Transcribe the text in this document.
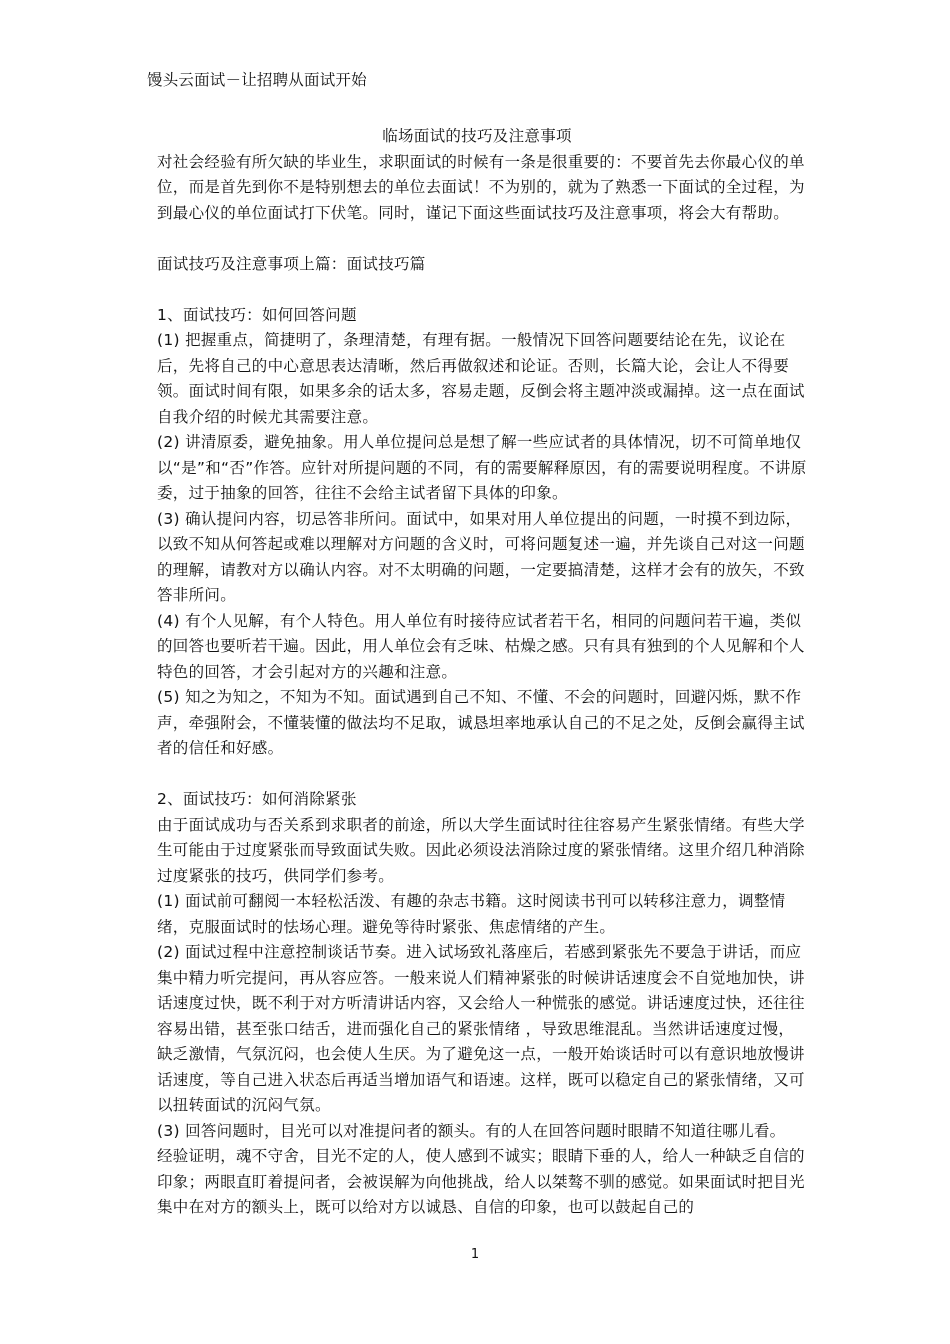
馒头云面试－让招聘从面试开始
临场面试的技巧及注意事项
对社会经验有所欠缺的毕业生，求职面试的时候有一条是很重要的：不要首先去你最心仪的单位，而是首先到你不是特别想去的单位去面试！不为别的，就为了熟悉一下面试的全过程，为到最心仪的单位面试打下伏笔。同时，谨记下面这些面试技巧及注意事项，将会大有帮助。
面试技巧及注意事项上篇：面试技巧篇
1、面试技巧：如何回答问题
(1) 把握重点，简捷明了，条理清楚，有理有据。一般情况下回答问题要结论在先，议论在后，先将自己的中心意思表达清晰，然后再做叙述和论证。否则，长篇大论，会让人不得要领。面试时间有限，如果多余的话太多，容易走题，反倒会将主题冲淡或漏掉。这一点在面试自我介绍的时候尤其需要注意。
(2) 讲清原委，避免抽象。用人单位提问总是想了解一些应试者的具体情况，切不可简单地仅以“是”和“否”作答。应针对所提问题的不同，有的需要解释原因，有的需要说明程度。不讲原委，过于抽象的回答，往往不会给主试者留下具体的印象。
(3) 确认提问内容，切忌答非所问。面试中，如果对用人单位提出的问题，一时摸不到边际，以致不知从何答起或难以理解对方问题的含义时，可将问题复述一遍，并先谈自己对这一问题的理解，请教对方以确认内容。对不太明确的问题，一定要搞清楚，这样才会有的放矢，不致答非所问。
(4) 有个人见解，有个人特色。用人单位有时接待应试者若干名，相同的问题问若干遍，类似的回答也要听若干遍。因此，用人单位会有乏味、枯燥之感。只有具有独到的个人见解和个人特色的回答，才会引起对方的兴趣和注意。
(5) 知之为知之，不知为不知。面试遇到自己不知、不懂、不会的问题时，回避闪烁，默不作声，牵强附会，不懂装懂的做法均不足取，诚恳坦率地承认自己的不足之处，反倒会赢得主试者的信任和好感。
2、面试技巧：如何消除紧张
由于面试成功与否关系到求职者的前途，所以大学生面试时往往容易产生紧张情绪。有些大学生可能由于过度紧张而导致面试失败。因此必须设法消除过度的紧张情绪。这里介绍几种消除过度紧张的技巧，供同学们参考。
(1) 面试前可翻阅一本轻松活泼、有趣的杂志书籍。这时阅读书刊可以转移注意力，调整情绪，克服面试时的怯场心理。避免等待时紧张、焦虑情绪的产生。
(2) 面试过程中注意控制谈话节奏。进入试场致礼落座后，若感到紧张先不要急于讲话，而应集中精力听完提问，再从容应答。一般来说人们精神紧张的时候讲话速度会不自觉地加快，讲话速度过快，既不利于对方听清讲话内容，又会给人一种慌张的感觉。讲话速度过快，还往往容易出错，甚至张口结舌，进而强化自己的紧张情绪 ，导致思维混乱。当然讲话速度过慢，缺乏激情，气氛沉闷，也会使人生厌。为了避免这一点，一般开始谈话时可以有意识地放慢讲话速度，等自己进入状态后再适当增加语气和语速。这样，既可以稳定自己的紧张情绪，又可以扭转面试的沉闷气氛。
(3) 回答问题时，目光可以对准提问者的额头。有的人在回答问题时眼睛不知道往哪儿看。
经验证明，魂不守舍，目光不定的人，使人感到不诚实；眼睛下垂的人，给人一种缺乏自信的印象；两眼直盯着提问者，会被误解为向他挑战，给人以桀骜不驯的感觉。如果面试时把目光集中在对方的额头上，既可以给对方以诚恳、自信的印象，也可以鼓起自己的
1
